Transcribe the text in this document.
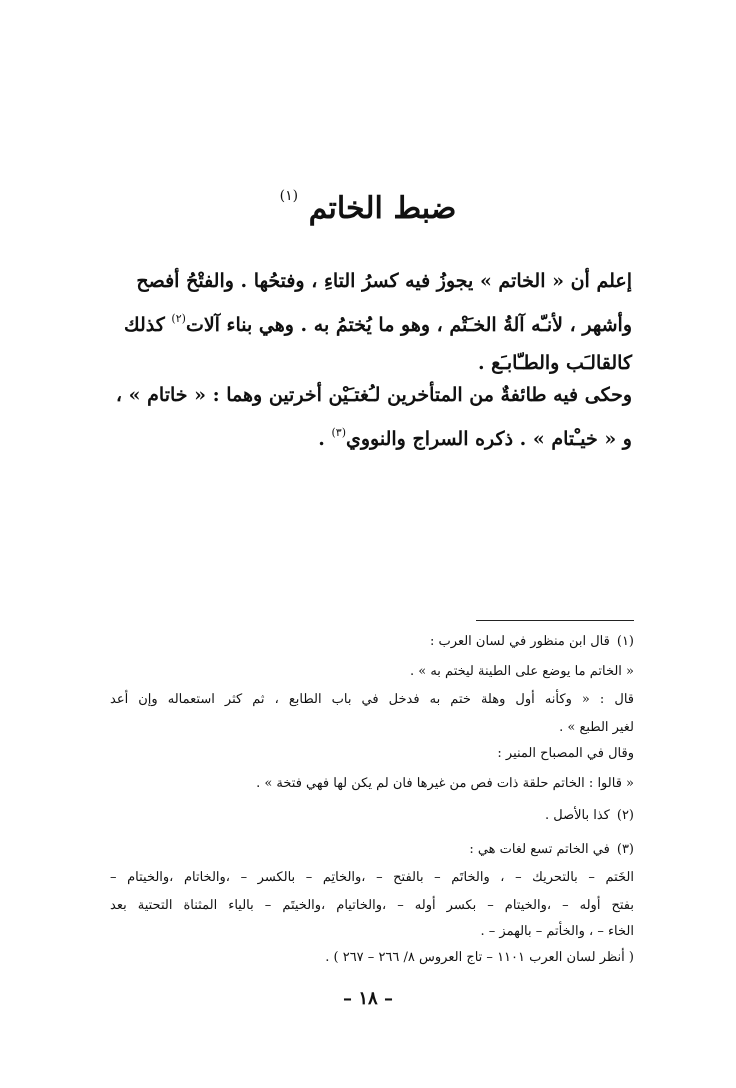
ضبط الخاتم $^{(١)}$
إعلم أن « الخاتم » يجوزُ فيه كسرُ التاءِ ، وفتحُها . والفتْحُ أفصح
وأشهر ، لأنـّه آلةُ الخـَتْم ، وهو ما يُختمُ به . وهي بناء آلات$^{(٢)}$ كذلك
كالقالـَب والطـّابـَع .
وحكى فيه طائفةٌ من المتأخرين لـُغتـَيْن أخرتين وهما : « خاتام » ،
و « خيـْتام » . ذكره السراج والنووي$^{(٣)}$ .
(١) قال ابن منظور في لسان العرب :
« الخاتم ما يوضع على الطينة ليختم به » .
قال : « وكأنه أول وهلة ختم به فدخل في باب الطابع ، ثم كثر استعماله وإن أعد
لغير الطبع » .
وقال في المصباح المنير :
« قالوا : الخاتم حلقة ذات فص من غيرها فان لم يكن لها فهي فتخة » .
(٢) كذا بالأصل .
(٣) في الخاتم تسع لغات هي :
الخَتم – بالتحريك – ، والخاتَم – بالفتح – ،والخاتِم – بالكسر – ،والخاتام ،والخيتام –
بفتح أوله – ،والخيتام – بكسر أوله – ،والخاتيام ،والخيتَم – بالياء المثناة التحتية بعد
الخاء – ، والخأتم – بالهمز – .
( أنظر لسان العرب ١١٠١ – تاج العروس ٨/ ٢٦٦ – ٢٦٧ ) .
– ١٨ –
